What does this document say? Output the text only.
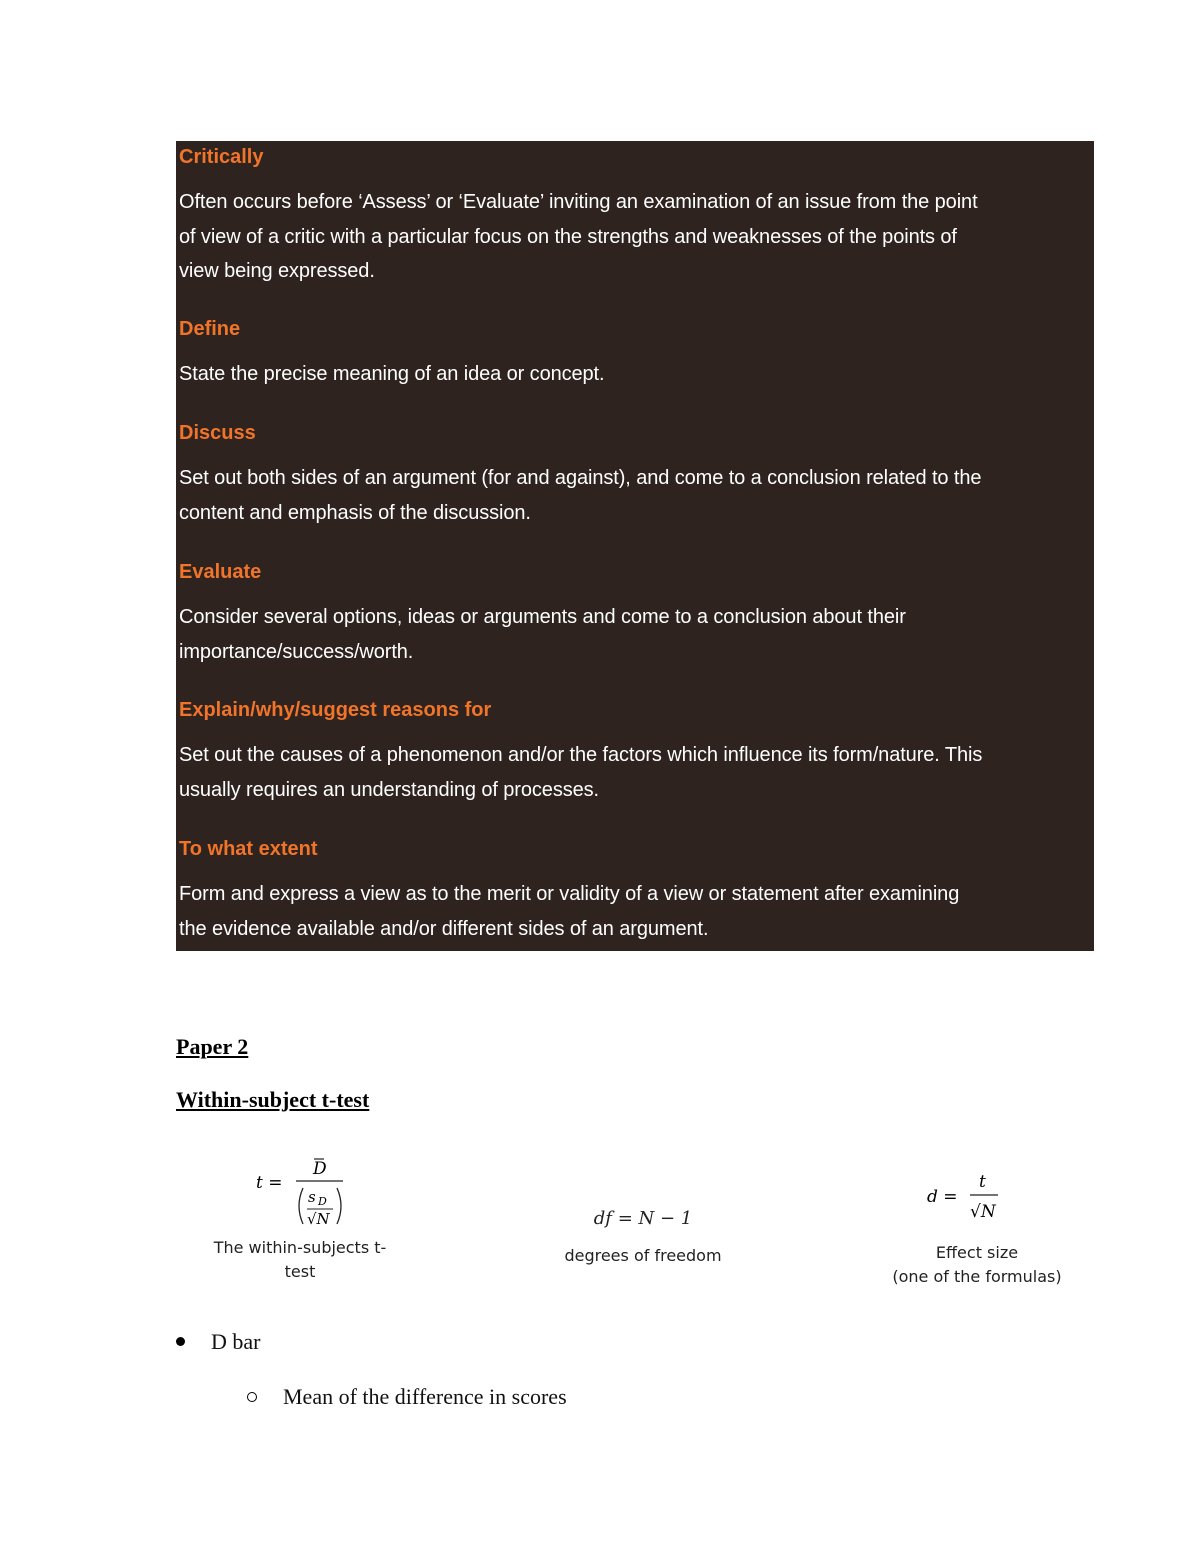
Critically

Often occurs before ‘Assess’ or ‘Evaluate’ inviting an examination of an issue from the point

of view of a critic with a particular focus on the strengths and weaknesses of the points of

view being expressed.

Define

State the precise meaning of an idea or concept.

Discuss

Set out both sides of an argument (for and against), and come to a conclusion related to the

content and emphasis of the discussion.

Evaluate

Consider several options, ideas or arguments and come to a conclusion about their

importance/success/worth.

Explain/why/suggest reasons for

Set out the causes of a phenomenon and/or the factors which influence its form/nature. This

usually requires an understanding of processes.

To what extent

Form and express a view as to the merit or validity of a view or statement after examining

the evidence available and/or different sides of an argument.

Paper 2

Within-subject t-test

t =
D
s D
√N
The within-subjects t-
test
df = N − 1
degrees of freedom
d =
t
√N
Effect size
(one of the formulas)
D bar
Mean of the difference in scores
